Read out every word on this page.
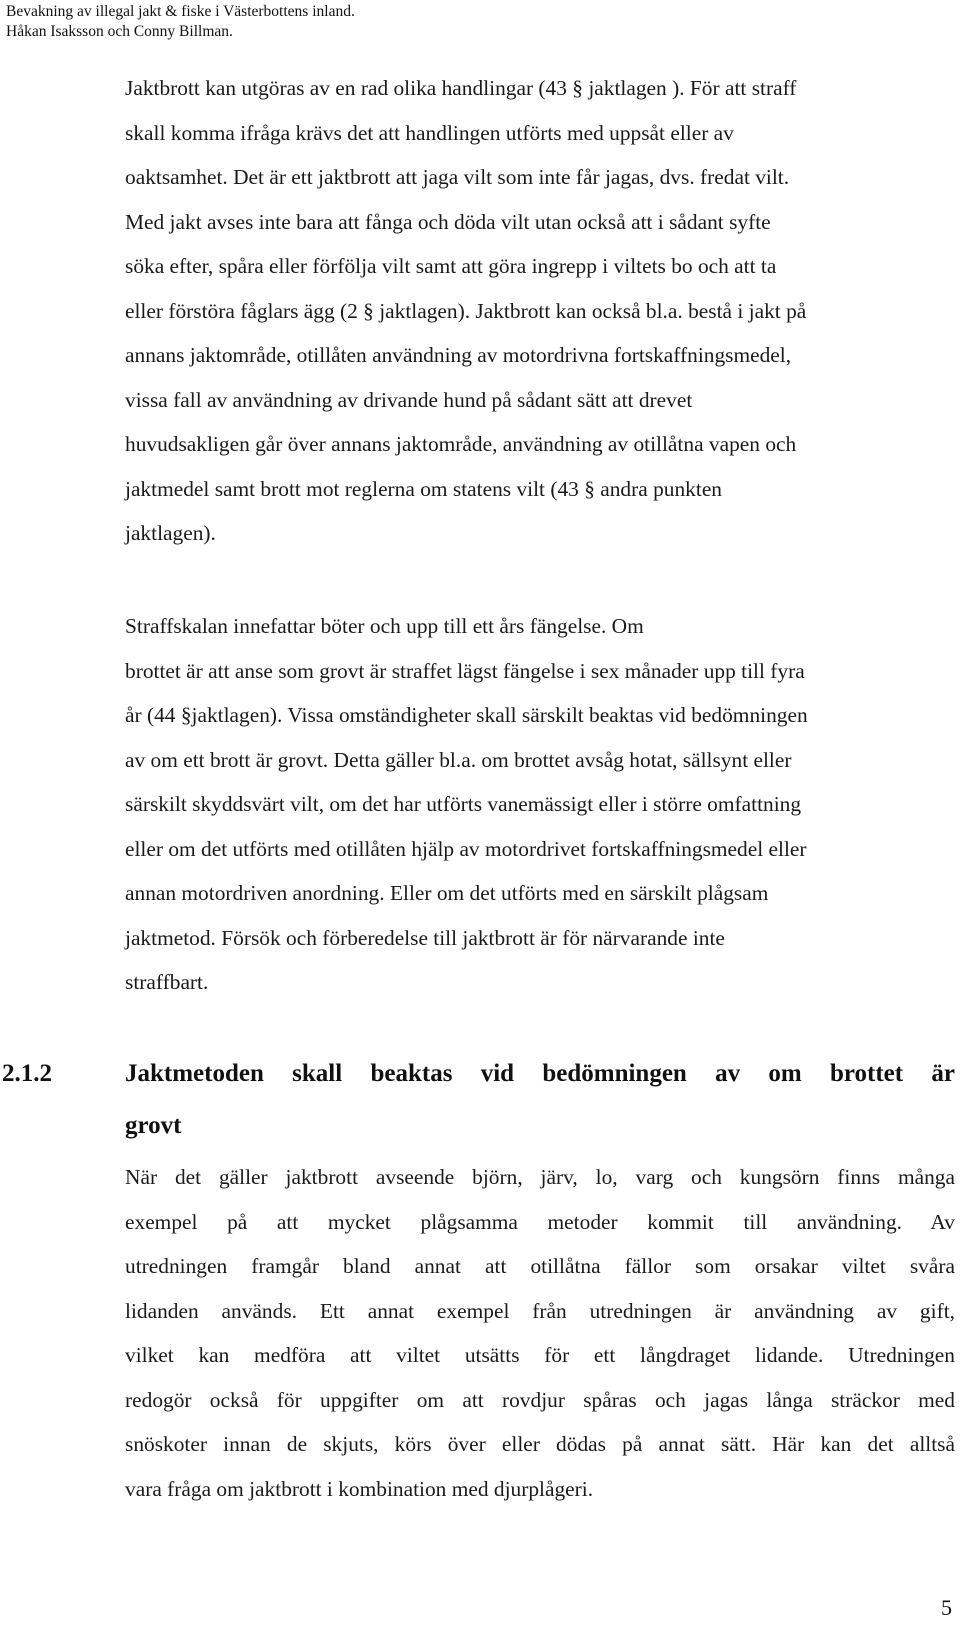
Bevakning av illegal jakt & fiske i Västerbottens inland.
Håkan Isaksson och Conny Billman.
Jaktbrott kan utgöras av en rad olika handlingar (43 § jaktlagen ). För att straff
skall komma ifråga krävs det att handlingen utförts med uppsåt eller av
oaktsamhet. Det är ett jaktbrott att jaga vilt som inte får jagas, dvs. fredat vilt.
Med jakt avses inte bara att fånga och döda vilt utan också att i sådant syfte
söka efter, spåra eller förfölja vilt samt att göra ingrepp i viltets bo och att ta
eller förstöra fåglars ägg (2 § jaktlagen). Jaktbrott kan också bl.a. bestå i jakt på
annans jaktområde, otillåten användning av motordrivna fortskaffningsmedel,
vissa fall av användning av drivande hund på sådant sätt att drevet
huvudsakligen går över annans jaktområde, användning av otillåtna vapen och
jaktmedel samt brott mot reglerna om statens vilt (43 § andra punkten
jaktlagen).
Straffskalan innefattar böter och upp till ett års fängelse. Om
brottet är att anse som grovt är straffet lägst fängelse i sex månader upp till fyra
år (44 §jaktlagen). Vissa omständigheter skall särskilt beaktas vid bedömningen
av om ett brott är grovt. Detta gäller bl.a. om brottet avsåg hotat, sällsynt eller
särskilt skyddsvärt vilt, om det har utförts vanemässigt eller i större omfattning
eller om det utförts med otillåten hjälp av motordrivet fortskaffningsmedel eller
annan motordriven anordning. Eller om det utförts med en särskilt plågsam
jaktmetod. Försök och förberedelse till jaktbrott är för närvarande inte
straffbart.
2.1.2	Jaktmetoden skall beaktas vid bedömningen av om brottet är
grovt
När det gäller jaktbrott avseende björn, järv, lo, varg och kungsörn finns många
exempel på att mycket plågsamma metoder kommit till användning. Av
utredningen framgår bland annat att otillåtna fällor som orsakar viltet svåra
lidanden används. Ett annat exempel från utredningen är användning av gift,
vilket kan medföra att viltet utsätts för ett långdraget lidande. Utredningen
redogör också för uppgifter om att rovdjur spåras och jagas långa sträckor med
snöskoter innan de skjuts, körs över eller dödas på annat sätt. Här kan det alltså
vara fråga om jaktbrott i kombination med djurplågeri.
5
